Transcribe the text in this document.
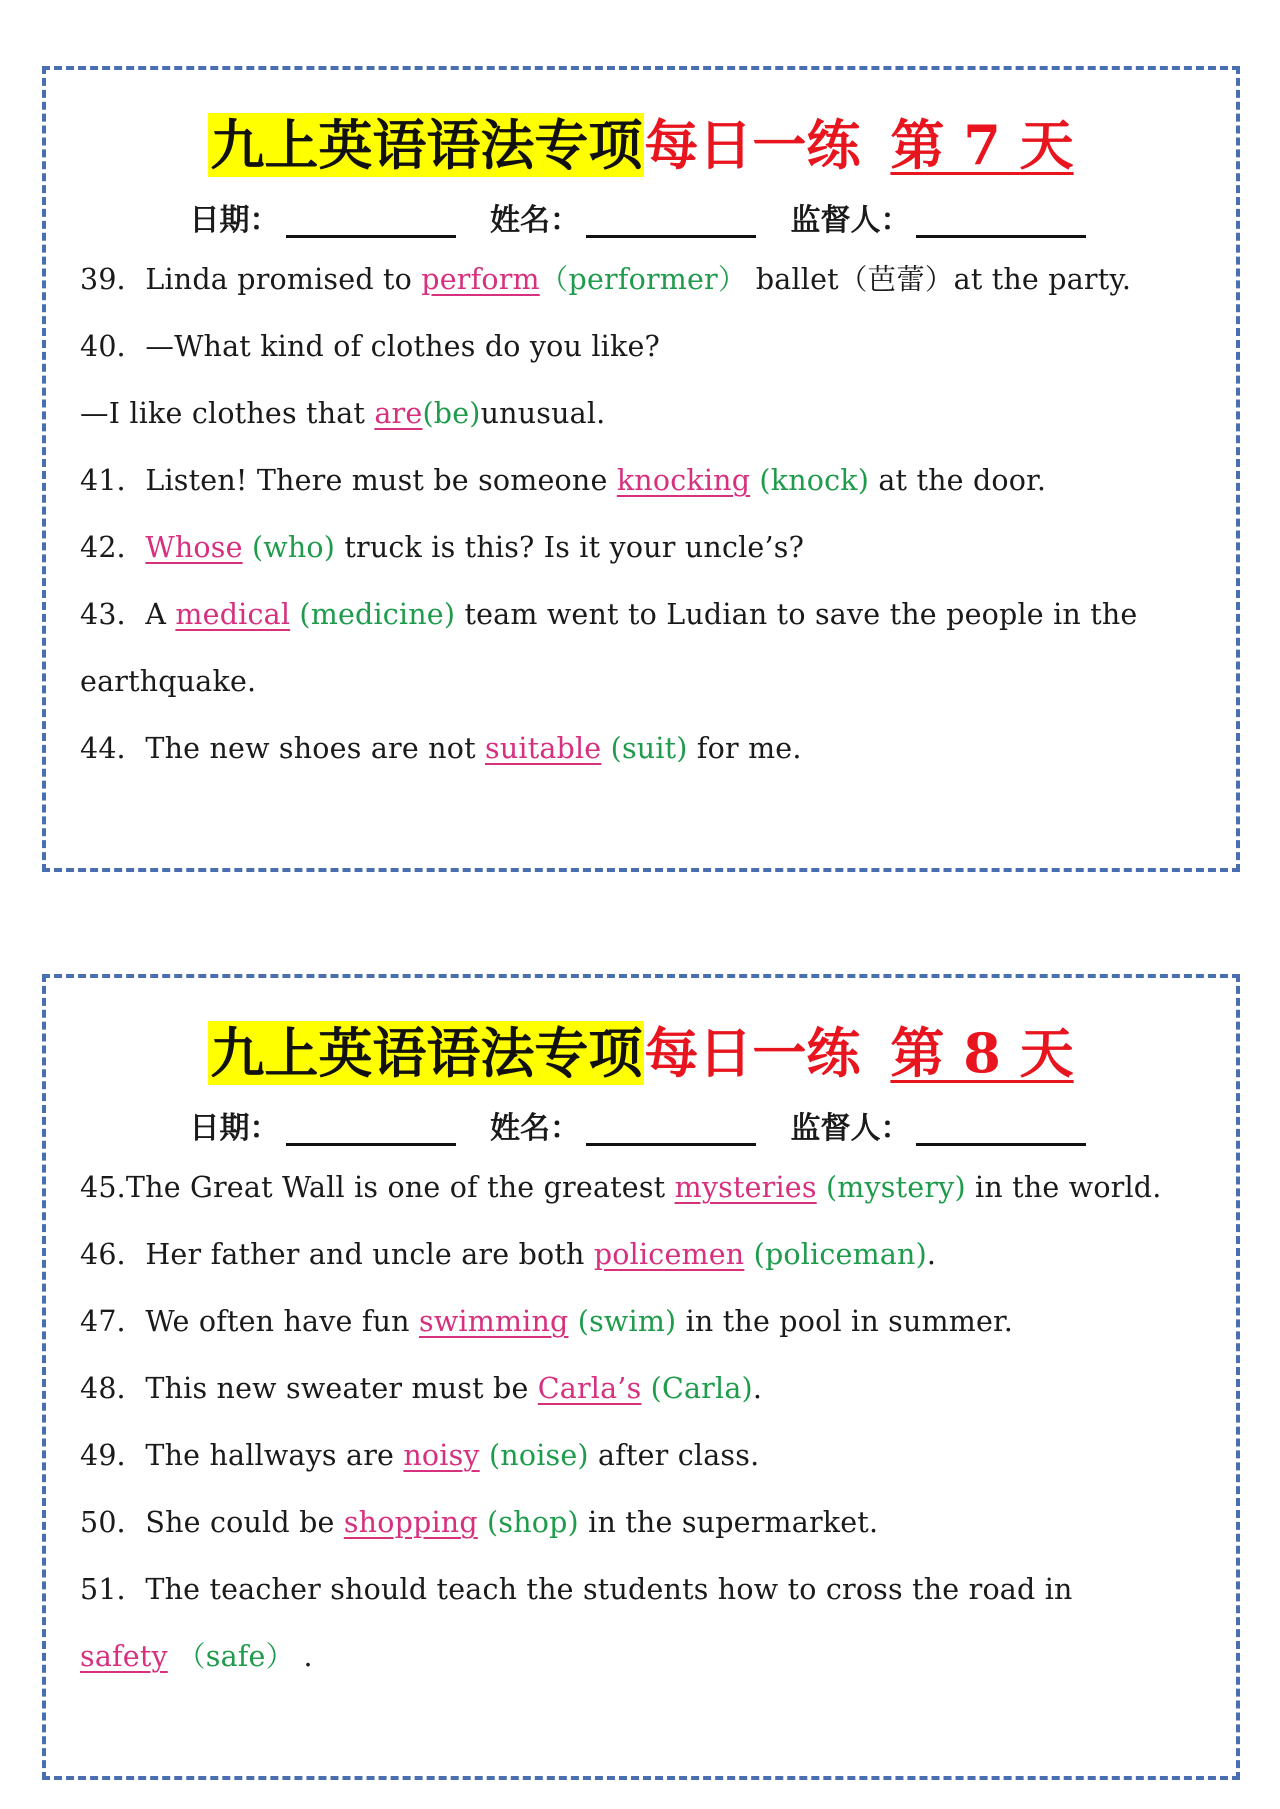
九上英语语法专项每日一练 第 7 天
日期：	姓名：	监督人：
39．Linda promised to perform（performer） ballet（芭蕾）at the party.
40．—What kind of clothes do you like?
—I like clothes that are(be)unusual.
41．Listen! There must be someone knocking (knock) at the door.
42．Whose (who) truck is this? Is it your uncle’s?
43．A medical (medicine) team went to Ludian to save the people in the
earthquake.
44．The new shoes are not suitable (suit) for me.
九上英语语法专项每日一练 第 8 天
日期：	姓名：	监督人：
45.The Great Wall is one of the greatest mysteries (mystery) in the world.
46．Her father and uncle are both policemen (policeman).
47．We often have fun swimming (swim) in the pool in summer.
48．This new sweater must be Carla’s (Carla).
49．The hallways are noisy (noise) after class.
50．She could be shopping (shop) in the supermarket.
51．The teacher should teach the students how to cross the road in
safety （safe） .
